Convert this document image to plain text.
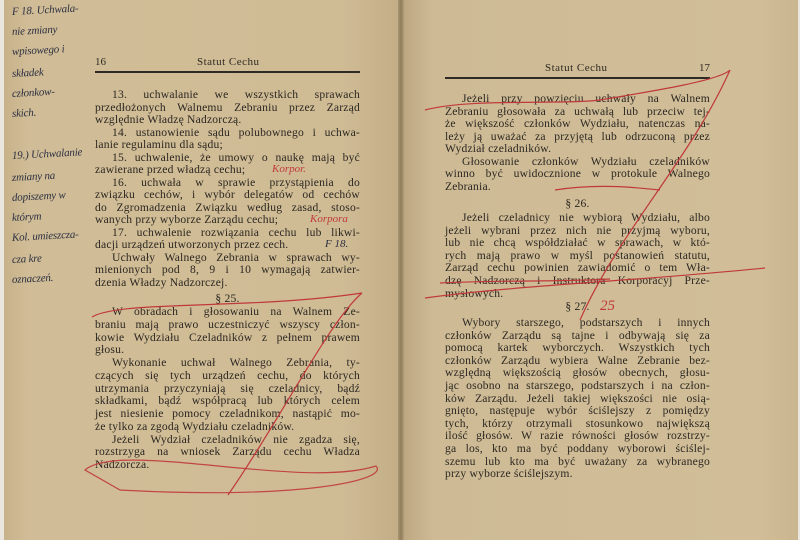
16	Statut Cechu	Statut Cechu	17
13. uchwalanie we wszystkich sprawach
przedłożonych Walnemu Zebraniu przez Zarząd
względnie Władzę Nadzorczą.
14. ustanowienie sądu polubownego i uchwa-
lanie regulaminu dla sądu;
15. uchwalenie, że umowy o naukę mają być
zawierane przed władzą cechu;
16. uchwała w sprawie przystąpienia do
związku cechów, i wybór delegatów od cechów
do Zgromadzenia Związku według zasad, stoso-
wanych przy wyborze Zarządu cechu;
17. uchwalenie rozwiązania cechu lub likwi-
dacji urządzeń utworzonych przez cech.
Uchwały Walnego Zebrania w sprawach wy-
mienionych pod 8, 9 i 10 wymagają zatwier-
dzenia Władzy Nadzorczej.
§ 25.
W obradach i głosowaniu na Walnem Ze-
braniu mają prawo uczestniczyć wszyscy człon-
kowie Wydziału Czeladników z pełnem prawem
głosu.
Wykonanie uchwał Walnego Zebrania, ty-
czących się tych urządzeń cechu, do których
utrzymania przyczyniają się czeladnicy, bądź
składkami, bądź współpracą lub których celem
jest niesienie pomocy czeladnikom, nastąpić mo-
że tylko za zgodą Wydziału czeladników.
Jeżeli Wydział czeladników nie zgadza się,
rozstrzyga na wniosek Zarządu cechu Władza
Nadzorcza.
Jeżeli przy powzięciu uchwały na Walnem
Zebraniu głosowała za uchwałą lub przeciw tej-
że większość członków Wydziału, natenczas na-
leży ją uważać za przyjętą lub odrzuconą przez
Wydział czeladników.
Głosowanie członków Wydziału czeladników
winno być uwidocznione w protokule Walnego
Zebrania.
§ 26.
Jeżeli czeladnicy nie wybiorą Wydziału, albo
jeżeli wybrani przez nich nie przyjmą wyboru,
lub nie chcą współdziałać w sprawach, w któ-
rych mają prawo w myśl postanowień statutu,
Zarząd cechu powinien zawiadomić o tem Wła-
dzę Nadzorczą i Instruktora Korporacyj Prze-
mysłowych.
§ 27.
Wybory starszego, podstarszych i innych
członków Zarządu są tajne i odbywają się za
pomocą kartek wyborczych. Wszystkich tych
członków Zarządu wybiera Walne Zebranie bez-
względną większością głosów obecnych, głosu-
jąc osobno na starszego, podstarszych i na człon-
ków Zarządu. Jeżeli takiej większości nie osią-
gnięto, następuje wybór ściślejszy z pomiędzy
tych, którzy otrzymali stosunkowo największą
ilość głosów. W razie równości głosów rozstrzy-
ga los, kto ma być poddany wyborowi ściślej-
szemu lub kto ma być uważany za wybranego
przy wyborze ściślejszym.
F 18. Uchwala-
nie zmiany
wpisowego i
składek
członkow-
skich.
19.) Uchwalanie
zmiany na
dopiszemy w
którym
Kol. umieszcza-
cza kre
oznaczeń.
Korpor.
Korpora
F 18.
25
